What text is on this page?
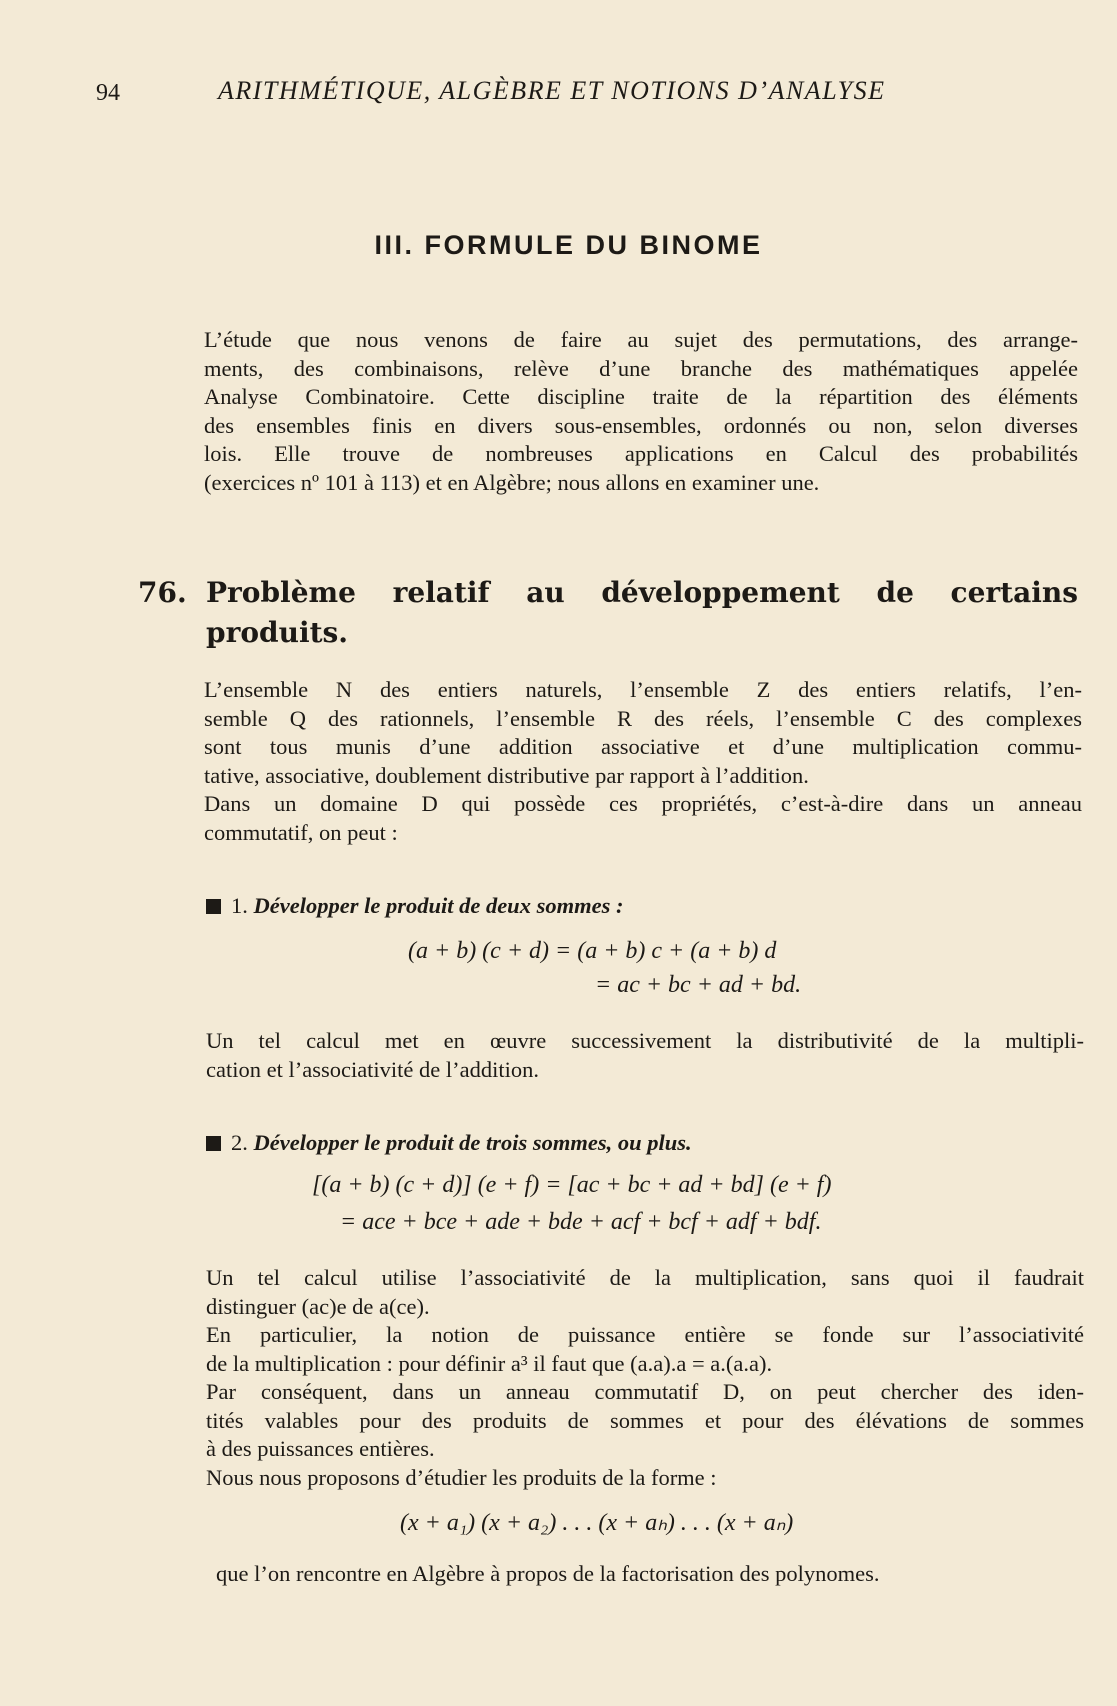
94	ARITHMÉTIQUE, ALGÈBRE ET NOTIONS D’ANALYSE
III. FORMULE DU BINOME
L’étude que nous venons de faire au sujet des permutations, des arrange-
ments, des combinaisons, relève d’une branche des mathématiques appelée
Analyse Combinatoire. Cette discipline traite de la répartition des éléments
des ensembles finis en divers sous-ensembles, ordonnés ou non, selon diverses
lois. Elle trouve de nombreuses applications en Calcul des probabilités
(exercices nº 101 à 113) et en Algèbre; nous allons en examiner une.
76. Problème relatif au développement de certains
produits.
L’ensemble N des entiers naturels, l’ensemble Z des entiers relatifs, l’en-
semble Q des rationnels, l’ensemble R des réels, l’ensemble C des complexes
sont tous munis d’une addition associative et d’une multiplication commu-
tative, associative, doublement distributive par rapport à l’addition.
Dans un domaine D qui possède ces propriétés, c’est-à-dire dans un anneau
commutatif, on peut :
1. Développer le produit de deux sommes :
(a + b) (c + d) = (a + b) c + (a + b) d
= ac + bc + ad + bd.
Un tel calcul met en œuvre successivement la distributivité de la multipli-
cation et l’associativité de l’addition.
2. Développer le produit de trois sommes, ou plus.
[(a + b) (c + d)] (e + f) = [ac + bc + ad + bd] (e + f)
= ace + bce + ade + bde + acf + bcf + adf + bdf.
Un tel calcul utilise l’associativité de la multiplication, sans quoi il faudrait
distinguer (ac)e de a(ce).
En particulier, la notion de puissance entière se fonde sur l’associativité
de la multiplication : pour définir a³ il faut que (a.a).a = a.(a.a).
Par conséquent, dans un anneau commutatif D, on peut chercher des iden-
tités valables pour des produits de sommes et pour des élévations de sommes
à des puissances entières.
Nous nous proposons d’étudier les produits de la forme :
(x + a₁) (x + a₂) . . . (x + aₕ) . . . (x + aₙ)
que l’on rencontre en Algèbre à propos de la factorisation des polynomes.
